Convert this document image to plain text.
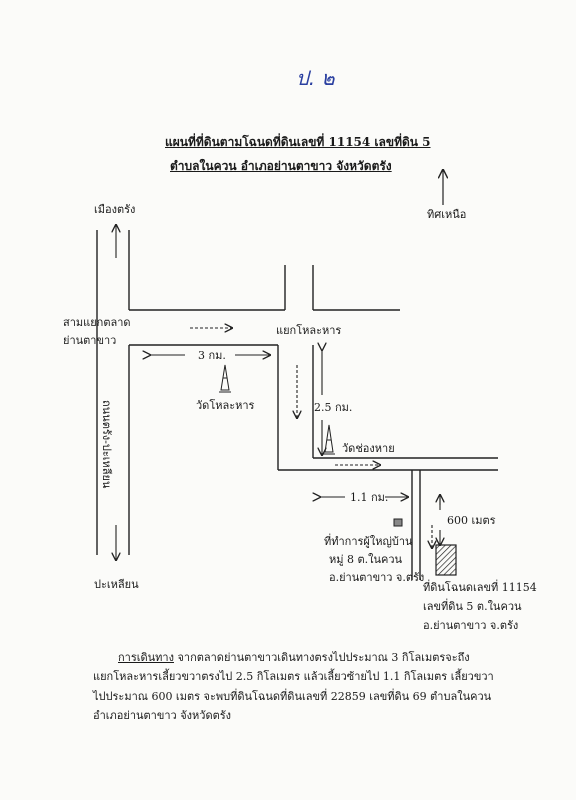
ป. ๒
แผนที่ที่ดินตามโฉนดที่ดินเลขที่ 11154 เลขที่ดิน 5
ตำบลในควน อำเภอย่านตาขาว จังหวัดตรัง
ทิศเหนือ
เมืองตรัง
สามแยกตลาด
ย่านตาขาว
แยกโหละหาร
ถนนตรัง-ปะเหลียน
ปะเหลียน
3 กม.
2.5 กม.
1.1 กม.
600 เมตร
วัดโหละหาร
วัดช่องหาย
ที่ทำการผู้ใหญ่บ้าน
หมู่ 8 ต.ในควน
อ.ย่านตาขาว จ.ตรัง
ที่ดินโฉนดเลขที่ 11154
เลขที่ดิน 5 ต.ในควน
อ.ย่านตาขาว จ.ตรัง
การเดินทาง จากตลาดย่านตาขาวเดินทางตรงไปประมาณ 3 กิโลเมตรจะถึง
แยกโหละหารเลี้ยวขวาตรงไป 2.5 กิโลเมตร แล้วเลี้ยวซ้ายไป 1.1 กิโลเมตร เลี้ยวขวา
ไปประมาณ 600 เมตร จะพบที่ดินโฉนดที่ดินเลขที่ 22859 เลขที่ดิน 69 ตำบลในควน
อำเภอย่านตาขาว จังหวัดตรัง
